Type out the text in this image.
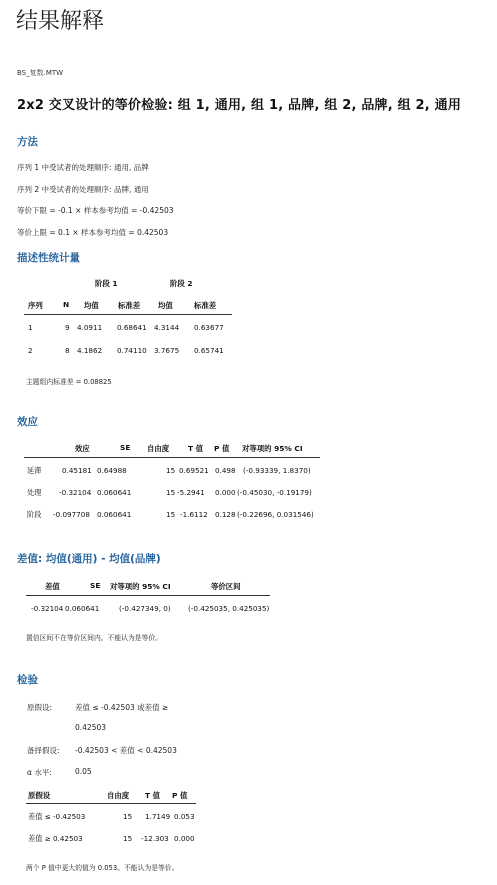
结果解释
BS_复数.MTW
2x2 交叉设计的等价检验: 组 1, 通用, 组 1, 品牌, 组 2, 品牌, 组 2, 通用
方法
序列 1 中受试者的处理顺序: 通用, 品牌
序列 2 中受试者的处理顺序: 品牌, 通用
等价下限 = -0.1 × 样本参考均值 = -0.42503
等价上限 = 0.1 × 样本参考均值 = 0.42503
描述性统计量
阶段 1	阶段 2
序列	N 均值	标准差 均值	标准差
1	9 4.0911 0.68641 4.3144 0.63677
2	8 4.1862 0.74110 3.7675 0.65741
主题组内标准差 = 0.08825
效应
效应	SE 自由度	T 值 P 值 对等项的 95% CI
延滞	0.45181 0.64988	15 0.69521 0.498 (-0.93339, 1.8370)
处理 -0.32104 0.060641	15 -5.2941 0.000 (-0.45030, -0.19179)
阶段 -0.097708 0.060641	15 -1.6112 0.128 (-0.22696, 0.031546)
差值: 均值(通用) - 均值(品牌)
差值	SE 对等项的 95% CI	等价区间
-0.32104 0.060641	(-0.427349, 0) (-0.425035, 0.425035)
置信区间不在等价区间内。不能认为是等价。
检验
原假设:	差值 ≤ -0.42503 或差值 ≥
0.42503
备择假设: -0.42503 < 差值 < 0.42503
α 水平:	0.05
原假设	自由度 T 值 P 值
差值 ≤ -0.42503	15 1.7149 0.053
差值 ≥ 0.42503	15 -12.303 0.000
两个 P 值中更大的值为 0.053。不能认为是等价。
